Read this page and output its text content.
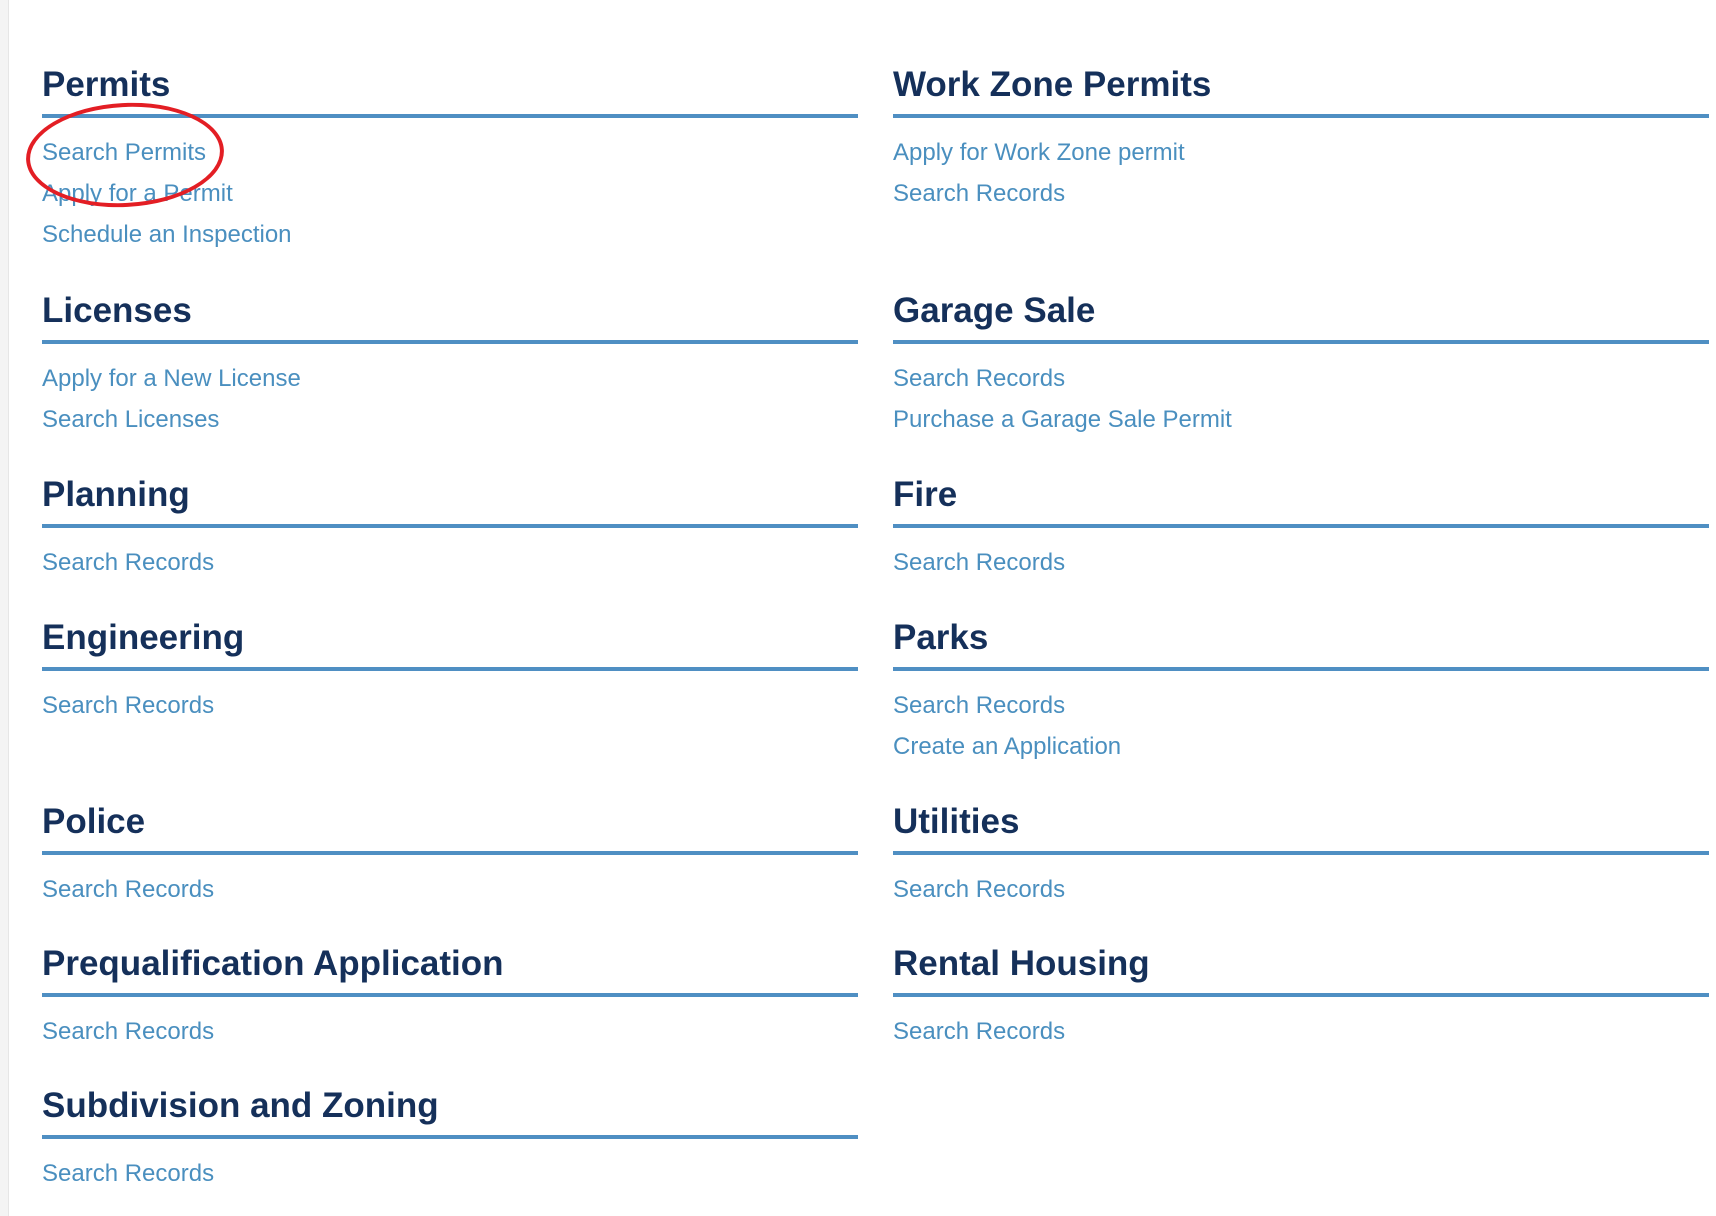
Permits
Search Permits
Apply for a Permit
Schedule an Inspection
Work Zone Permits
Apply for Work Zone permit
Search Records
Licenses
Apply for a New License
Search Licenses
Garage Sale
Search Records
Purchase a Garage Sale Permit
Planning
Search Records
Fire
Search Records
Engineering
Search Records
Parks
Search Records
Create an Application
Police
Search Records
Utilities
Search Records
Prequalification Application
Search Records
Rental Housing
Search Records
Subdivision and Zoning
Search Records
